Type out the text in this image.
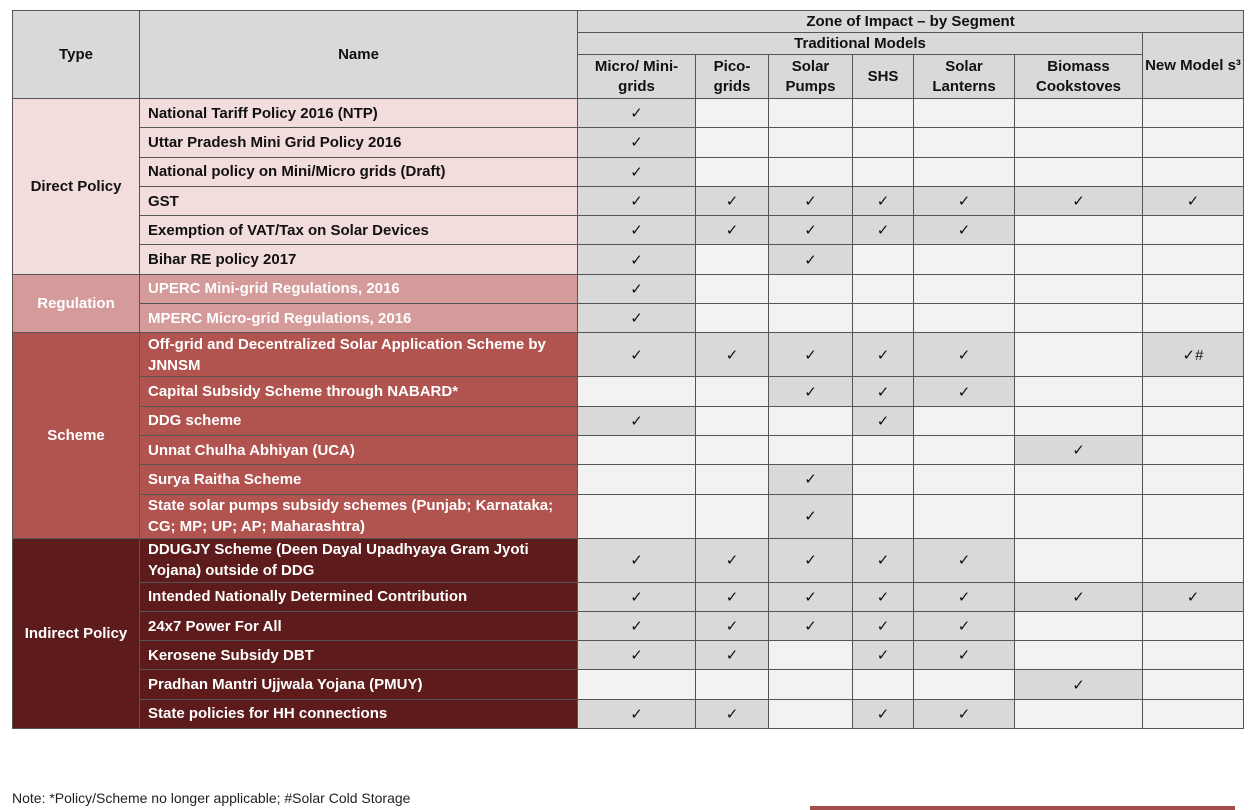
Type	Name	Zone of Impact – by Segment						
		Traditional Models						New Model s³
		Micro/ Mini-grids	Pico- grids	Solar Pumps	SHS	Solar Lanterns	Biomass Cookstoves	
Direct Policy	National Tariff Policy 2016 (NTP)	✓						
	Uttar Pradesh Mini Grid Policy 2016	✓						
	National policy on Mini/Micro grids (Draft)	✓						
	GST	✓	✓	✓	✓	✓	✓	✓
	Exemption of VAT/Tax on Solar Devices	✓	✓	✓	✓	✓		
	Bihar RE policy 2017	✓		✓				
Regulation	UPERC Mini-grid Regulations, 2016	✓						
	MPERC Micro-grid Regulations, 2016	✓						
Scheme	Off-grid and Decentralized Solar Application Scheme by JNNSM	✓	✓	✓	✓	✓		✓#
	Capital Subsidy Scheme through NABARD*			✓	✓	✓		
	DDG scheme	✓			✓			
	Unnat Chulha Abhiyan (UCA)						✓	
	Surya Raitha Scheme			✓				
	State solar pumps subsidy schemes (Punjab; Karnataka; CG; MP; UP; AP; Maharashtra)			✓				
Indirect Policy	DDUGJY Scheme (Deen Dayal Upadhyaya Gram Jyoti Yojana) outside of DDG	✓	✓	✓	✓	✓		
	Intended Nationally Determined Contribution	✓	✓	✓	✓	✓	✓	✓
	24x7 Power For All	✓	✓	✓	✓	✓		
	Kerosene Subsidy DBT	✓	✓		✓	✓		
	Pradhan Mantri Ujjwala Yojana (PMUY)						✓	
	State policies for HH connections	✓	✓		✓	✓		
Note: *Policy/Scheme no longer applicable; #Solar Cold Storage
